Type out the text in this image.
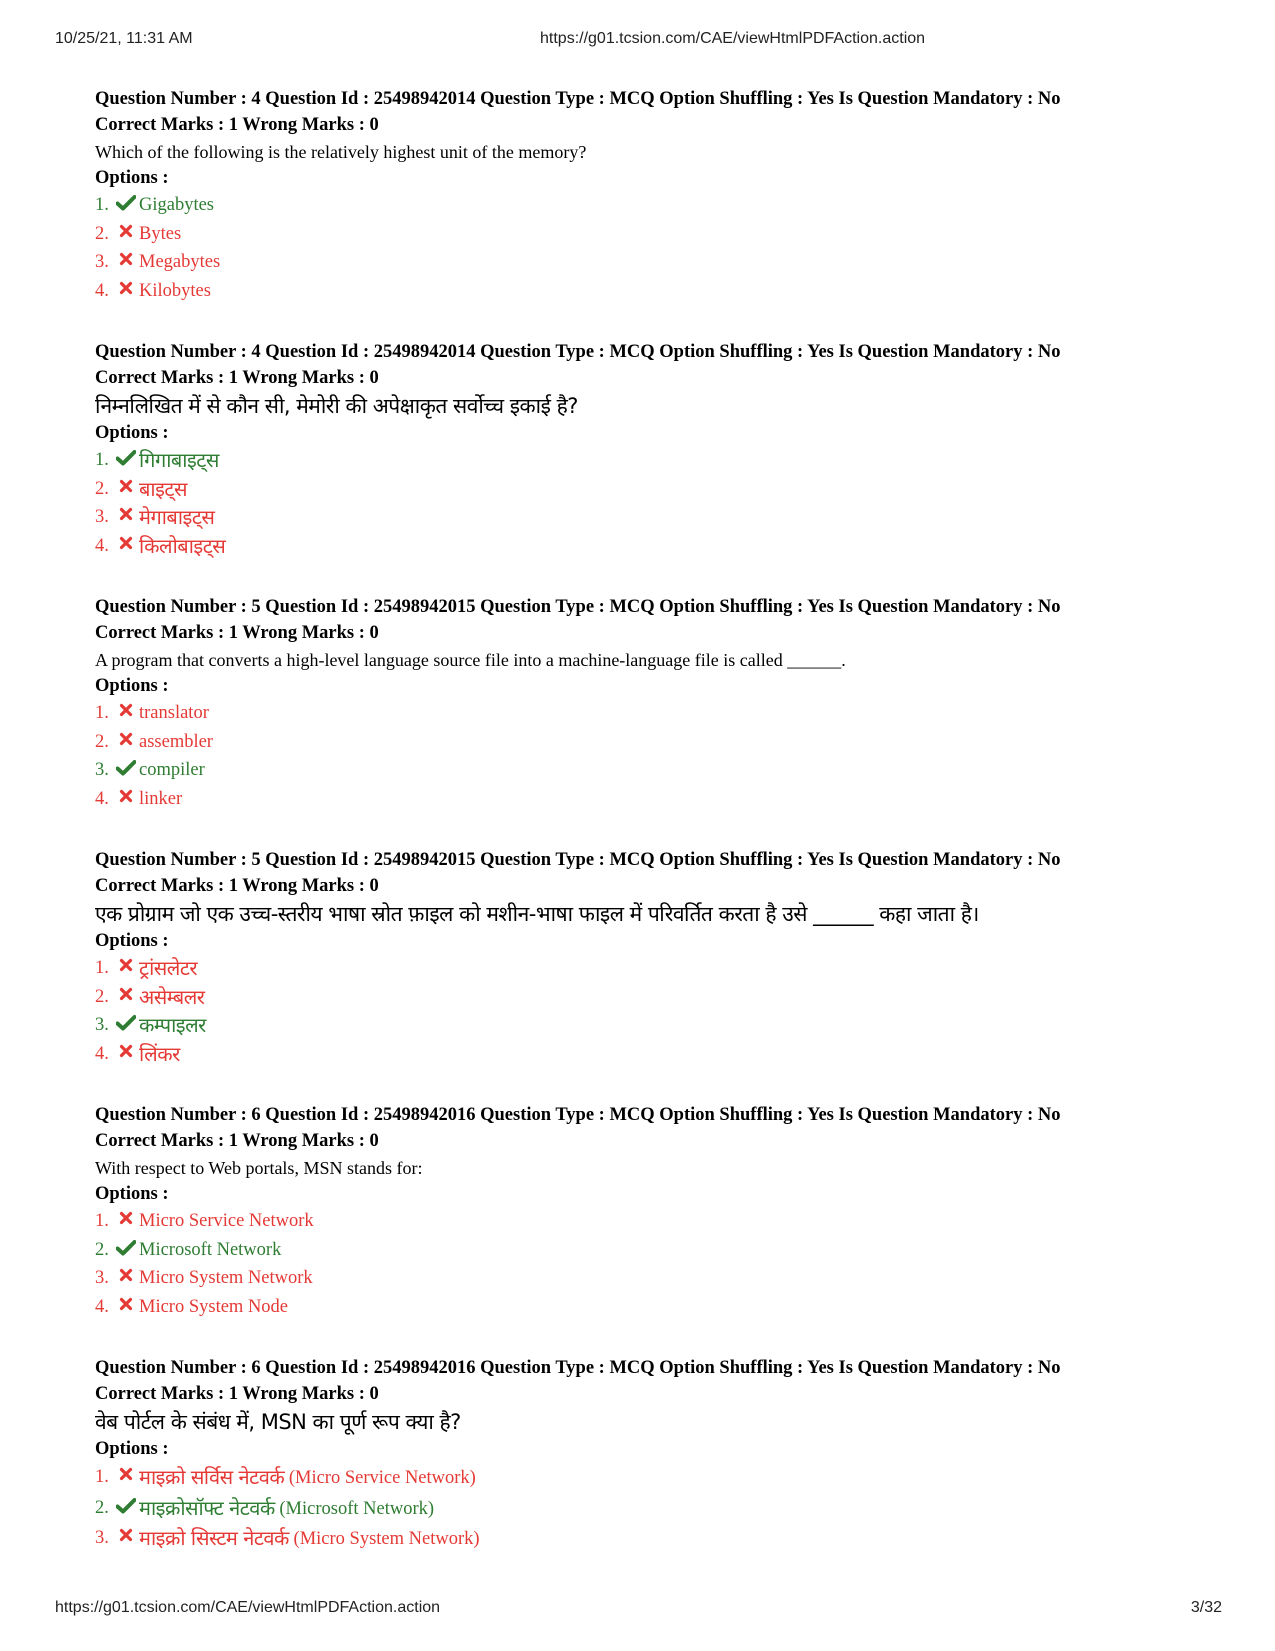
10/25/21, 11:31 AM	https://g01.tcsion.com/CAE/viewHtmlPDFAction.action
Question Number : 4 Question Id : 25498942014 Question Type : MCQ Option Shuffling : Yes Is Question Mandatory : No
Correct Marks : 1 Wrong Marks : 0
Which of the following is the relatively highest unit of the memory?
Options :
1.	Gigabytes
2.	Bytes
3.	Megabytes
4.	Kilobytes
Question Number : 4 Question Id : 25498942014 Question Type : MCQ Option Shuffling : Yes Is Question Mandatory : No
Correct Marks : 1 Wrong Marks : 0
निम्नलिखित में से कौन सी, मेमोरी की अपेक्षाकृत सर्वोच्च इकाई है?
Options :
1.	गिगाबाइट्स
2.	बाइट्स
3.	मेगाबाइट्स
4.	किलोबाइट्स
Question Number : 5 Question Id : 25498942015 Question Type : MCQ Option Shuffling : Yes Is Question Mandatory : No
Correct Marks : 1 Wrong Marks : 0
A program that converts a high-level language source file into a machine-language file is called ______.
Options :
1.	translator
2.	assembler
3.	compiler
4.	linker
Question Number : 5 Question Id : 25498942015 Question Type : MCQ Option Shuffling : Yes Is Question Mandatory : No
Correct Marks : 1 Wrong Marks : 0
एक प्रोग्राम जो एक उच्च-स्तरीय भाषा स्रोत फ़ाइल को मशीन-भाषा फाइल में परिवर्तित करता है उसे ______ कहा जाता है।
Options :
1.	ट्रांसलेटर
2.	असेम्बलर
3.	कम्पाइलर
4.	लिंकर
Question Number : 6 Question Id : 25498942016 Question Type : MCQ Option Shuffling : Yes Is Question Mandatory : No
Correct Marks : 1 Wrong Marks : 0
With respect to Web portals, MSN stands for:
Options :
1.	Micro Service Network
2.	Microsoft Network
3.	Micro System Network
4.	Micro System Node
Question Number : 6 Question Id : 25498942016 Question Type : MCQ Option Shuffling : Yes Is Question Mandatory : No
Correct Marks : 1 Wrong Marks : 0
वेब पोर्टल के संबंध में, MSN का पूर्ण रूप क्या है?
Options :
1.	माइक्रो सर्विस नेटवर्क
(Micro Service Network)
2.	माइक्रोसॉफ्ट नेटवर्क
(Microsoft Network)
3.	माइक्रो सिस्टम नेटवर्क
(Micro System Network)
https://g01.tcsion.com/CAE/viewHtmlPDFAction.action	3/32
